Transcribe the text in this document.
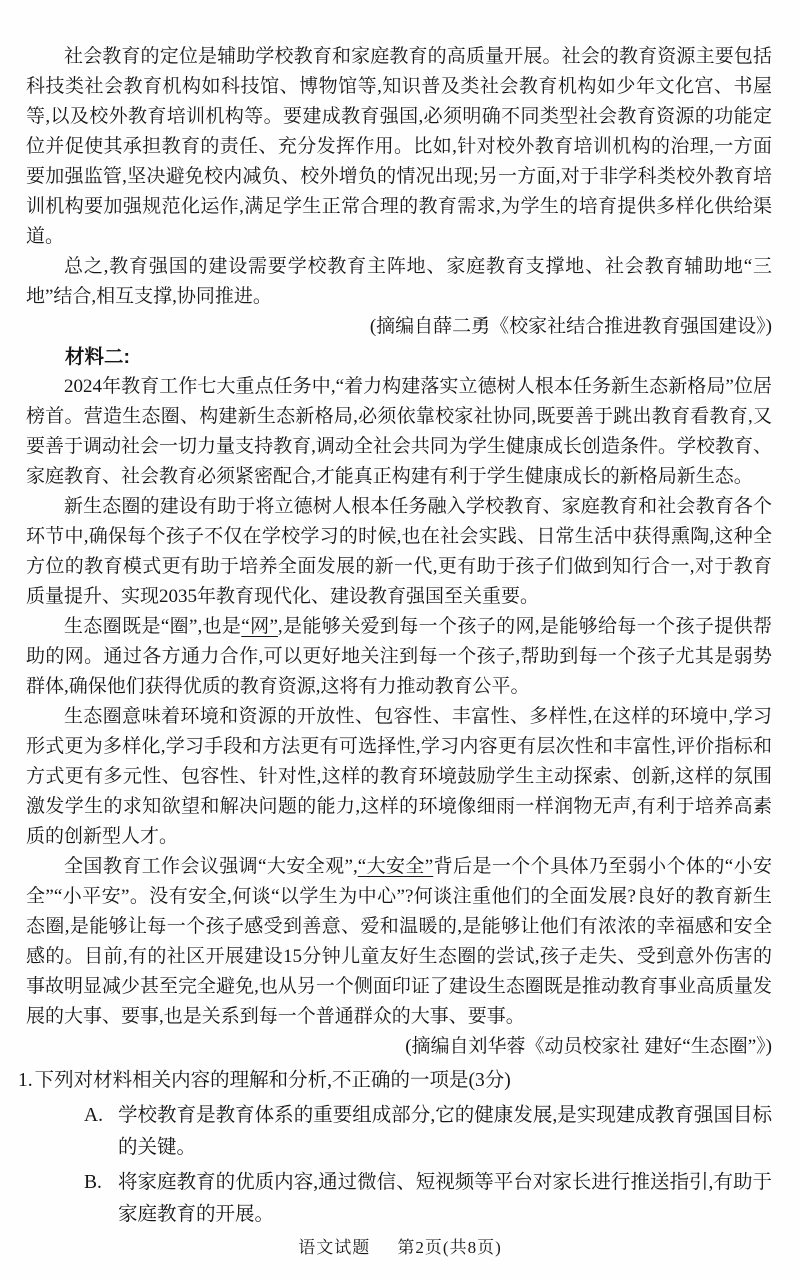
社会教育的定位是辅助学校教育和家庭教育的高质量开展。社会的教育资源主要包括科技类社会教育机构如科技馆、博物馆等,知识普及类社会教育机构如少年文化宫、书屋等,以及校外教育培训机构等。要建成教育强国,必须明确不同类型社会教育资源的功能定位并促使其承担教育的责任、充分发挥作用。比如,针对校外教育培训机构的治理,一方面要加强监管,坚决避免校内减负、校外增负的情况出现;另一方面,对于非学科类校外教育培训机构要加强规范化运作,满足学生正常合理的教育需求,为学生的培育提供多样化供给渠道。

总之,教育强国的建设需要学校教育主阵地、家庭教育支撑地、社会教育辅助地“三地”结合,相互支撑,协同推进。

(摘编自薛二勇《校家社结合推进教育强国建设》)

材料二:

2024年教育工作七大重点任务中,“着力构建落实立德树人根本任务新生态新格局”位居榜首。营造生态圈、构建新生态新格局,必须依靠校家社协同,既要善于跳出教育看教育,又要善于调动社会一切力量支持教育,调动全社会共同为学生健康成长创造条件。学校教育、家庭教育、社会教育必须紧密配合,才能真正构建有利于学生健康成长的新格局新生态。

新生态圈的建设有助于将立德树人根本任务融入学校教育、家庭教育和社会教育各个环节中,确保每个孩子不仅在学校学习的时候,也在社会实践、日常生活中获得熏陶,这种全方位的教育模式更有助于培养全面发展的新一代,更有助于孩子们做到知行合一,对于教育质量提升、实现2035年教育现代化、建设教育强国至关重要。

生态圈既是“圈”,也是“网”,是能够关爱到每一个孩子的网,是能够给每一个孩子提供帮助的网。通过各方通力合作,可以更好地关注到每一个孩子,帮助到每一个孩子尤其是弱势群体,确保他们获得优质的教育资源,这将有力推动教育公平。

生态圈意味着环境和资源的开放性、包容性、丰富性、多样性,在这样的环境中,学习形式更为多样化,学习手段和方法更有可选择性,学习内容更有层次性和丰富性,评价指标和方式更有多元性、包容性、针对性,这样的教育环境鼓励学生主动探索、创新,这样的氛围激发学生的求知欲望和解决问题的能力,这样的环境像细雨一样润物无声,有利于培养高素质的创新型人才。

全国教育工作会议强调“大安全观”,“大安全”背后是一个个具体乃至弱小个体的“小安全”“小平安”。没有安全,何谈“以学生为中心”?何谈注重他们的全面发展?良好的教育新生态圈,是能够让每一个孩子感受到善意、爱和温暖的,是能够让他们有浓浓的幸福感和安全感的。目前,有的社区开展建设15分钟儿童友好生态圈的尝试,孩子走失、受到意外伤害的事故明显减少甚至完全避免,也从另一个侧面印证了建设生态圈既是推动教育事业高质量发展的大事、要事,也是关系到每一个普通群众的大事、要事。

(摘编自刘华蓉《动员校家社 建好“生态圈”》)

1. 下列对材料相关内容的理解和分析,不正确的一项是(3分)
A. 学校教育是教育体系的重要组成部分,它的健康发展,是实现建成教育强国目标的关键。
B. 将家庭教育的优质内容,通过微信、短视频等平台对家长进行推送指引,有助于家庭教育的开展。
语文试题 第2页(共8页)
